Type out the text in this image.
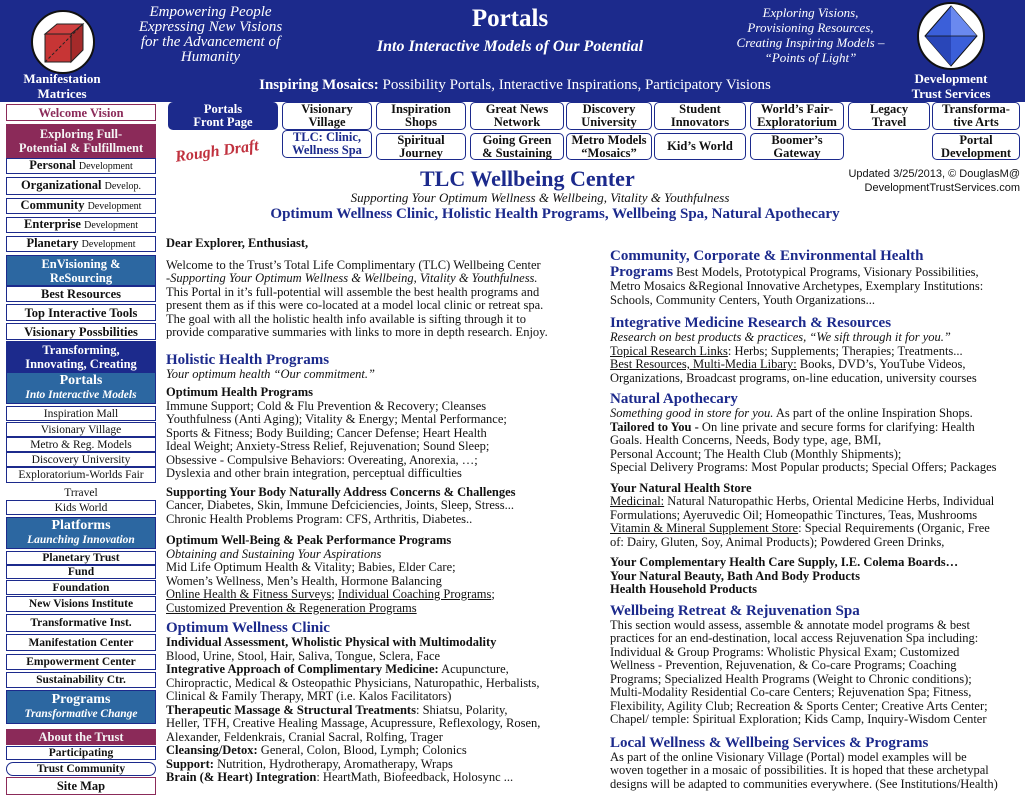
Empowering People
Expressing New Visions
for the Advancement of
Humanity
Portals
Into Interactive Models of Our Potential
Exploring Visions,
Provisioning Resources,
Creating Inspiring Models –
“Points of Light”
Manifestation
Matrices
Development
Trust Services
Inspiring Mosaics: Possibility Portals, Interactive Inspirations, Participatory Visions
Portals
Front Page
Visionary
Village
Inspiration
Shops
Great News
Network
Discovery
University
Student
Innovators
World’s Fair-
Exploratorium
Legacy
Travel
Transforma-
tive Arts
TLC: Clinic,
Wellness Spa
Spiritual
Journey
Going Green
& Sustaining
Metro Models
“Mosaics” Kid’s World	Boomer’s
Gateway
Portal
Development
Rough Draft
Welcome Vision
Exploring Full-
Potential & Fulfillment
Personal Development
Organizational Develop.
Community Development
Enterprise Development
Planetary Development
EnVisioning &
ReSourcing
Best Resources
Top Interactive Tools
Visionary Possbilities
Transforming,
Innovating, Creating
Portals
Into Interactive Models
Inspiration Mall
Visionary Village
Metro & Reg. Models
Discovery University
Exploratorium-Worlds Fair
Trravel
Kids World
Platforms
Launching Innovation
Planetary Trust
Fund
Foundation
New Visions Institute
Transformative Inst.
Manifestation Center
Empowerment Center
Sustainability Ctr.
Programs
Transformative Change
About the Trust
Participating
Trust Community
Site Map
TLC Wellbeing Center
Supporting Your Optimum Wellness & Wellbeing, Vitality & Youthfulness
Optimum Wellness Clinic, Holistic Health Programs, Wellbeing Spa, Natural Apothecary
Updated 3/25/2013, © DouglasM@
DevelopmentTrustServices.com

Dear Explorer, Enthusiast,

Welcome to the Trust’s Total Life Complimentary (TLC) Wellbeing Center

-Supporting Your Optimum Wellness & Wellbeing, Vitality & Youthfulness.

This Portal in it’s full-potential will assemble the best health programs and

present them as if this were co-located at a model local clinic or retreat spa.

The goal with all the holistic health info available is sifting through it to

provide comparative summaries with links to more in depth research. Enjoy.

Holistic Health Programs

Your optimum health “Our commitment.”

Optimum Health Programs

Immune Support; Cold & Flu Prevention & Recovery; Cleanses

Youthfulness (Anti Aging); Vitality & Energy; Mental Performance;

Sports & Fitness; Body Building; Cancer Defense; Heart Health

Ideal Weight; Anxiety-Stress Relief, Rejuvenation; Sound Sleep;

Obsessive - Compulsive Behaviors: Overeating, Anorexia, …;

Dyslexia and other brain integration, perceptual difficulties

Supporting Your Body Naturally Address Concerns & Challenges

Cancer, Diabetes, Skin, Immune Defciciencies, Joints, Sleep, Stress...

Chronic Health Problems Program: CFS, Arthritis, Diabetes..

Optimum Well-Being & Peak Performance Programs

Obtaining and Sustaining Your Aspirations

Mid Life Optimum Health & Vitality; Babies, Elder Care;

Women’s Wellness, Men’s Health, Hormone Balancing

Online Health & Fitness Surveys; Individual Coaching Programs;

Customized Prevention & Regeneration Programs

Optimum Wellness Clinic

Individual Assessment, Wholistic Physical with Multimodality

Blood, Urine, Stool, Hair, Saliva, Tongue, Sclera, Face

Integrative Approach of Complimentary Medicine: Acupuncture,

Chiropractic, Medical & Osteopathic Physicians, Naturopathic, Herbalists,

Clinical & Family Therapy, MRT (i.e. Kalos Facilitators)

Therapeutic Massage & Structural Treatments: Shiatsu, Polarity,

Heller, TFH, Creative Healing Massage, Acupressure, Reflexology, Rosen,

Alexander, Feldenkrais, Cranial Sacral, Rolfing, Trager

Cleansing/Detox: General, Colon, Blood, Lymph; Colonics

Support: Nutrition, Hydrotherapy, Aromatherapy, Wraps

Brain (& Heart) Integration: HeartMath, Biofeedback, Holosync ...

Community, Corporate & Environmental Health

Programs Best Models, Prototypical Programs, Visionary Possibilities,

Metro Mosaics &Regional Innovative Archetypes, Exemplary Institutions:

Schools, Community Centers, Youth Organizations...

Integrative Medicine Research & Resources

Research on best products & practices, “We sift through it for you.”

Topical Research Links: Herbs; Supplements; Therapies; Treatments...

Best Resources, Multi-Media Libary: Books, DVD’s, YouTube Videos,

Organizations, Broadcast programs, on-line education, university courses

Natural Apothecary

Something good in store for you. As part of the online Inspiration Shops.

Tailored to You - On line private and secure forms for clarifying: Health

Goals. Health Concerns, Needs, Body type, age, BMI,

Personal Account; The Health Club (Monthly Shipments);

Special Delivery Programs: Most Popular products; Special Offers; Packages

Your Natural Health Store

Medicinal: Natural Naturopathic Herbs, Oriental Medicine Herbs, Individual

Formulations; Ayeruvedic Oil; Homeopathic Tinctures, Teas, Mushrooms

Vitamin & Mineral Supplement Store: Special Requirements (Organic, Free

of: Dairy, Gluten, Soy, Animal Products); Powdered Green Drinks,

Your Complementary Health Care Supply, I.E. Colema Boards…

Your Natural Beauty, Bath And Body Products

Health Household Products

Wellbeing Retreat & Rejuvenation Spa

This section would assess, assemble & annotate model programs & best

practices for an end-destination, local access Rejuvenation Spa including:

Individual & Group Programs: Wholistic Physical Exam; Customized

Wellness - Prevention, Rejuvenation, & Co-care Programs; Coaching

Programs; Specialized Health Programs (Weight to Chronic conditions);

Multi-Modality Residential Co-care Centers; Rejuvenation Spa; Fitness,

Flexibility, Agility Club; Recreation & Sports Center; Creative Arts Center;

Chapel/ temple: Spiritual Exploration; Kids Camp, Inquiry-Wisdom Center

Local Wellness & Wellbeing Services & Programs

As part of the online Visionary Village (Portal) model examples will be

woven together in a mosaic of possibilities. It is hoped that these archetypal

designs will be adapted to communities everywhere. (See Institutions/Health)
